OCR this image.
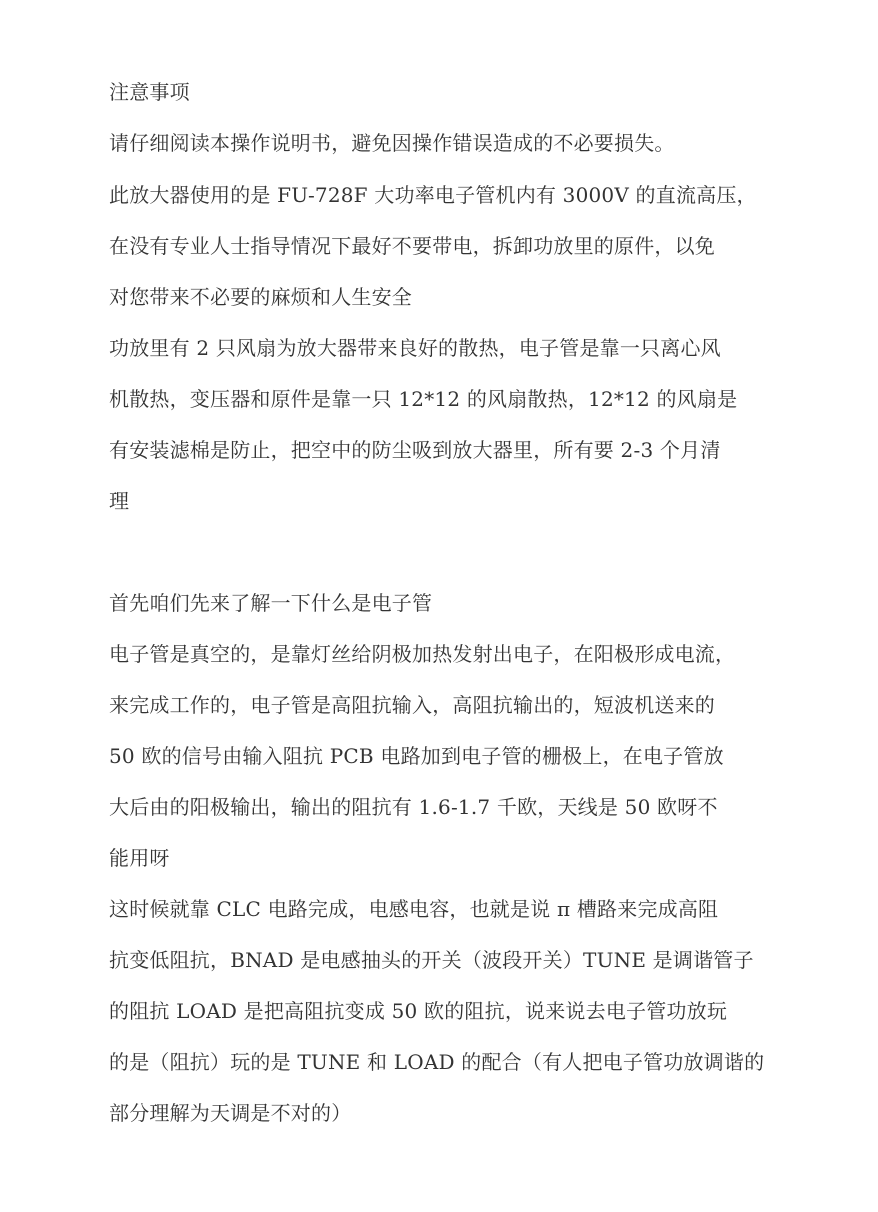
注意事项
请仔细阅读本操作说明书，避免因操作错误造成的不必要损失。
此放大器使用的是 FU-728F 大功率电子管机内有 3000V 的直流高压，
在没有专业人士指导情况下最好不要带电，拆卸功放里的原件，以免
对您带来不必要的麻烦和人生安全
功放里有 2 只风扇为放大器带来良好的散热，电子管是靠一只离心风
机散热，变压器和原件是靠一只 12*12 的风扇散热，12*12 的风扇是
有安装滤棉是防止，把空中的防尘吸到放大器里，所有要 2-3 个月清
理
首先咱们先来了解一下什么是电子管
电子管是真空的，是靠灯丝给阴极加热发射出电子，在阳极形成电流，
来完成工作的，电子管是高阻抗输入，高阻抗输出的，短波机送来的
50 欧的信号由输入阻抗 PCB 电路加到电子管的栅极上，在电子管放
大后由的阳极输出，输出的阻抗有 1.6-1.7 千欧，天线是 50 欧呀不
能用呀
这时候就靠 CLC 电路完成，电感电容，也就是说 π 槽路来完成高阻
抗变低阻抗，BNAD 是电感抽头的开关（波段开关）TUNE 是调谐管子
的阻抗 LOAD 是把高阻抗变成 50 欧的阻抗，说来说去电子管功放玩
的是（阻抗）玩的是 TUNE 和 LOAD 的配合（有人把电子管功放调谐的
部分理解为天调是不对的）
